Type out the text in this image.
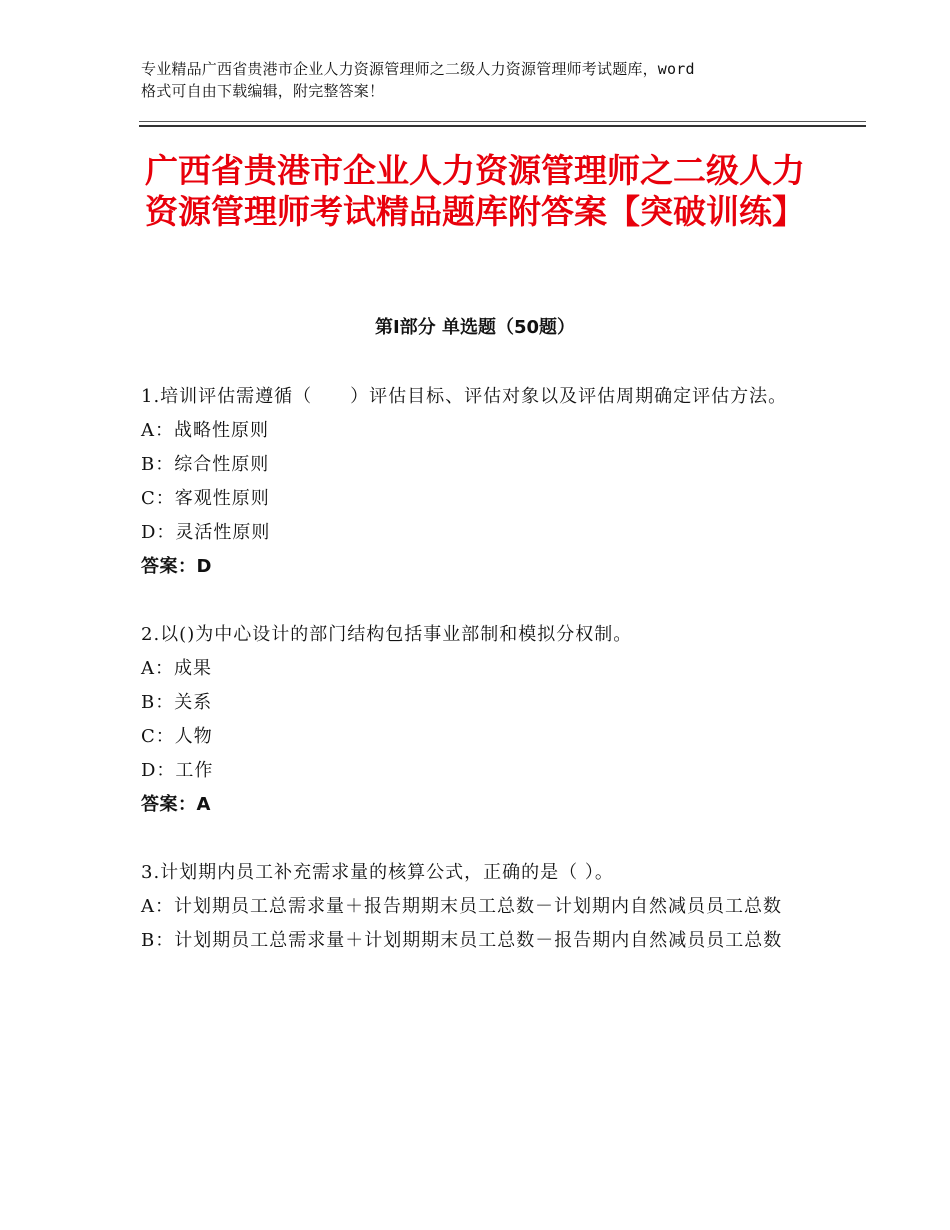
专业精品广西省贵港市企业人力资源管理师之二级人力资源管理师考试题库，word
格式可自由下载编辑，附完整答案！
广西省贵港市企业人力资源管理师之二级人力资源管理师考试精品题库附答案【突破训练】
第Ⅰ部分 单选题（50题）

1.培训评估需遵循（　　）评估目标、评估对象以及评估周期确定评估方法。

A：战略性原则

B：综合性原则

C：客观性原则

D：灵活性原则

答案：D

2.以()为中心设计的部门结构包括事业部制和模拟分权制。

A：成果

B：关系

C：人物

D：工作

答案：A

3.计划期内员工补充需求量的核算公式，正确的是（ ）。

A：计划期员工总需求量＋报告期期末员工总数－计划期内自然减员员工总数

B：计划期员工总需求量＋计划期期末员工总数－报告期内自然减员员工总数
